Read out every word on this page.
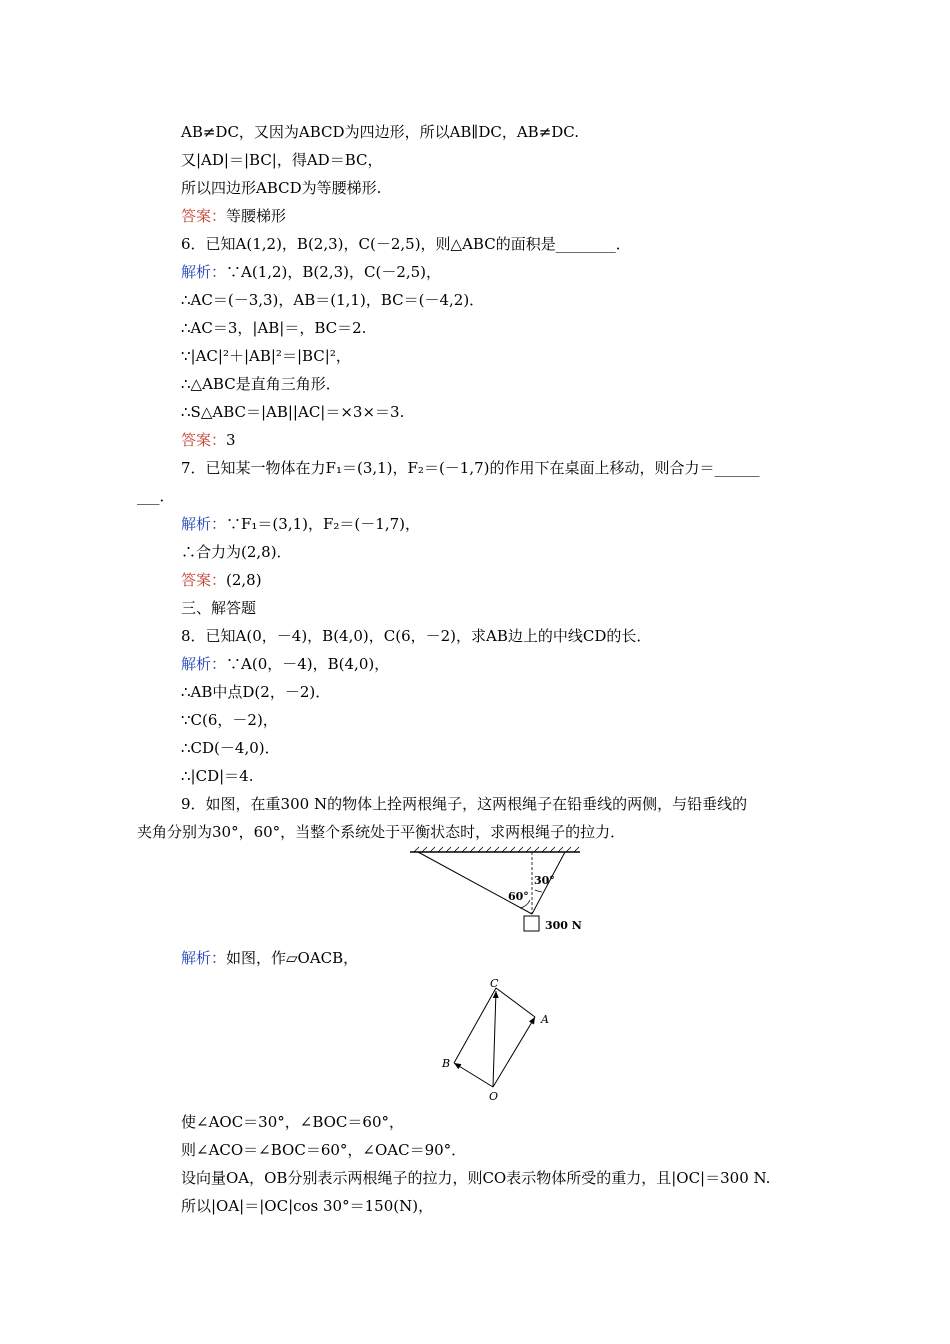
AB≠DC，又因为ABCD为四边形，所以AB∥DC，AB≠DC.
又|AD|＝|BC|，得AD＝BC，
所以四边形ABCD为等腰梯形.
答案：等腰梯形
6．已知A(1,2)，B(2,3)，C(－2,5)，则△ABC的面积是________．
解析：∵A(1,2)，B(2,3)，C(－2,5)，
∴AC＝(－3,3)，AB＝(1,1)，BC＝(－4,2)．
∴AC＝3，|AB|＝，BC＝2.
∵|AC|²＋|AB|²＝|BC|²，
∴△ABC是直角三角形．
∴S△ABC＝|AB||AC|＝×3×＝3.
答案：3
7．已知某一物体在力F₁＝(3,1)，F₂＝(－1,7)的作用下在桌面上移动，则合力＝______
___．
解析：∵F₁＝(3,1)，F₂＝(－1,7)，
∴合力为(2,8)．
答案：(2,8)
三、解答题
8．已知A(0，－4)，B(4,0)，C(6，－2)，求AB边上的中线CD的长．
解析：∵A(0，－4)，B(4,0)，
∴AB中点D(2，－2)．
∵C(6，－2)，
∴CD(－4,0)．
∴|CD|＝4.
9．如图，在重300 N的物体上拴两根绳子，这两根绳子在铅垂线的两侧，与铅垂线的
夹角分别为30°，60°，当整个系统处于平衡状态时，求两根绳子的拉力．
60°
30°
300 N
解析：如图，作▱OACB，
C
A
B
O
使∠AOC＝30°，∠BOC＝60°，
则∠ACO＝∠BOC＝60°，∠OAC＝90°．
设向量OA，OB分别表示两根绳子的拉力，则CO表示物体所受的重力，且|OC|＝300 N.
所以|OA|＝|OC|cos 30°＝150(N)，
